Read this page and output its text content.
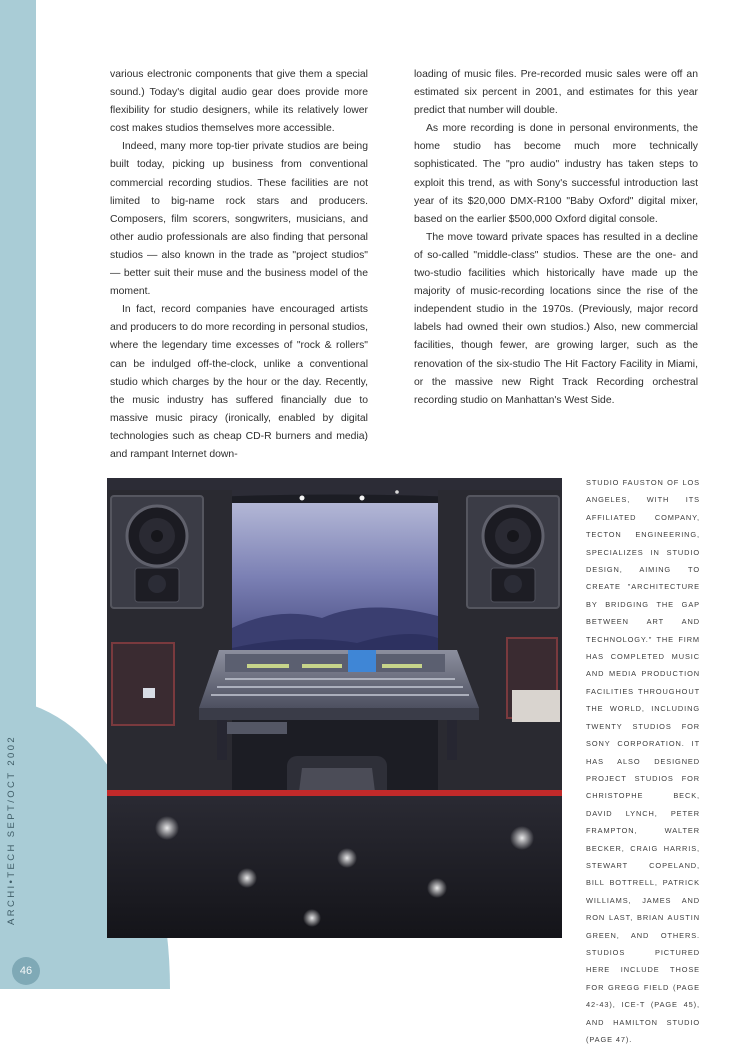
ARCHI•TECH SEPT/OCT 2002
46

various electronic components that give them a special sound.) Today's digital audio gear does provide more flexibility for studio designers, while its relatively lower cost makes studios themselves more accessible.

Indeed, many more top-tier private studios are being built today, picking up business from conventional commercial recording studios. These facilities are not limited to big-name rock stars and producers. Composers, film scorers, songwriters, musicians, and other audio professionals are also finding that personal studios — also known in the trade as "project studios" — better suit their muse and the business model of the moment.

In fact, record companies have encouraged artists and producers to do more recording in personal studios, where the legendary time excesses of "rock & rollers" can be indulged off-the-clock, unlike a conventional studio which charges by the hour or the day. Recently, the music industry has suffered financially due to massive music piracy (ironically, enabled by digital technologies such as cheap CD-R burners and media) and rampant Internet down-

loading of music files. Pre-recorded music sales were off an estimated six percent in 2001, and estimates for this year predict that number will double.

As more recording is done in personal environments, the home studio has become much more technically sophisticated. The "pro audio" industry has taken steps to exploit this trend, as with Sony's successful introduction last year of its $20,000 DMX-R100 "Baby Oxford" digital mixer, based on the earlier $500,000 Oxford digital console.

The move toward private spaces has resulted in a decline of so-called "middle-class" studios. These are the one- and two-studio facilities which historically have made up the majority of music-recording locations since the rise of the independent studio in the 1970s. (Previously, major record labels had owned their own studios.) Also, new commercial facilities, though fewer, are growing larger, such as the renovation of the six-studio The Hit Factory Facility in Miami, or the massive new Right Track Recording orchestral recording studio on Manhattan's West Side.

STUDIO FAUSTON OF LOS ANGELES, WITH ITS AFFILIATED COMPANY, TECTON ENGINEERING, SPECIALIZES IN STUDIO DESIGN, AIMING TO CREATE "ARCHITECTURE BY BRIDGING THE GAP BETWEEN ART AND TECHNOLOGY." THE FIRM HAS COMPLETED MUSIC AND MEDIA PRODUCTION FACILITIES THROUGHOUT THE WORLD, INCLUDING TWENTY STUDIOS FOR SONY CORPORATION. IT HAS ALSO DESIGNED PROJECT STUDIOS FOR CHRISTOPHE BECK, DAVID LYNCH, PETER FRAMPTON, WALTER BECKER, CRAIG HARRIS, STEWART COPELAND, BILL BOTTRELL, PATRICK WILLIAMS, JAMES AND RON LAST, BRIAN AUSTIN GREEN, AND OTHERS. STUDIOS PICTURED HERE INCLUDE THOSE FOR GREGG FIELD (PAGE 42-43), ICE-T (PAGE 45), AND HAMILTON STUDIO (PAGE 47).
